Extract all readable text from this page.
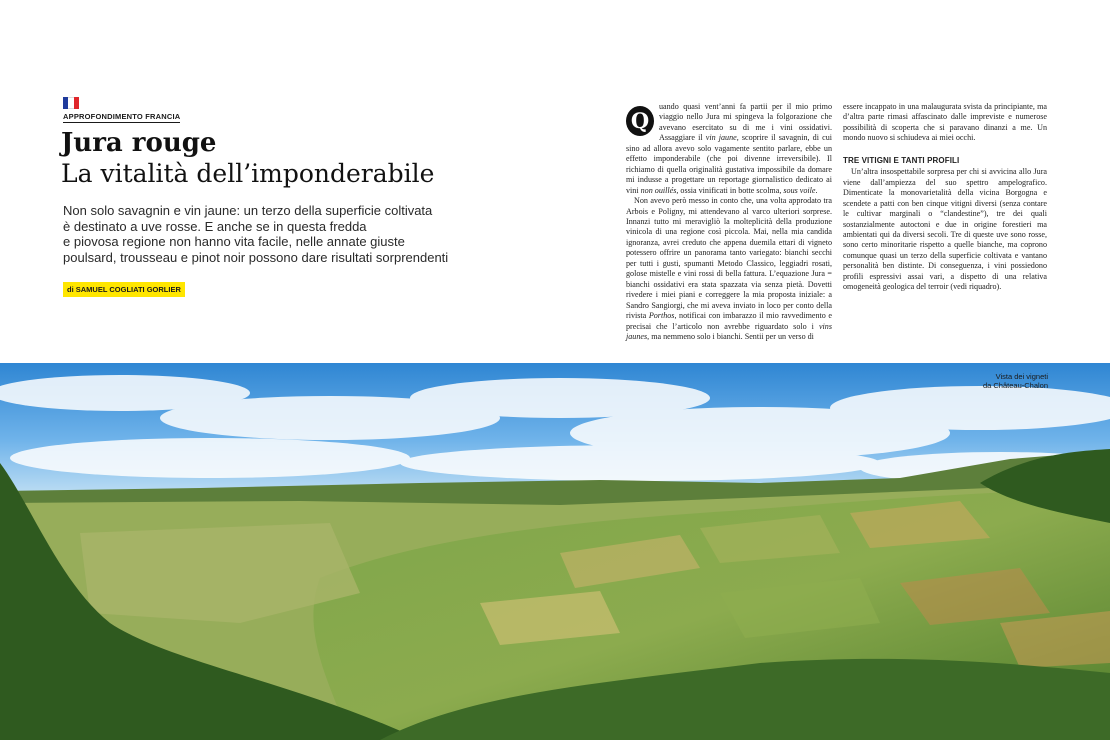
APPROFONDIMENTO FRANCIA
Jura rouge
La vitalità dell’imponderabile
Non solo savagnin e vin jaune: un terzo della superficie coltivata
è destinato a uve rosse. E anche se in questa fredda
e piovosa regione non hanno vita facile, nelle annate giuste
poulsard, trousseau e pinot noir possono dare risultati sorprendenti
di SAMUEL COGLIATI GORLIER

Q
uando quasi vent’anni fa partii per il mio primo viaggio nello Jura mi spingeva la folgorazione che avevano esercitato su di me i vini ossidativi. Assaggiare il vin jaune, scoprire il savagnin, di cui sino ad allora avevo solo vagamente sentito parlare, ebbe un effetto imponderabile (che poi divenne irreversibile). Il richiamo di quella originalità gustativa impossibile da domare mi indusse a progettare un reportage giornalistico dedicato ai vini non ouillés, ossia vinificati in botte scolma, sous voile.

Non avevo però messo in conto che, una volta approdato tra Arbois e Poligny, mi attendevano al varco ulteriori sorprese. Innanzi tutto mi meravigliò la molteplicità della produzione vinicola di una regione così piccola. Mai, nella mia candida ignoranza, avrei creduto che appena duemila ettari di vigneto potessero offrire un panorama tanto variegato: bianchi secchi per tutti i gusti, spumanti Metodo Classico, leggiadri rosati, golose mistelle e vini rossi di bella fattura. L’equazione Jura = bianchi ossidativi era stata spazzata via senza pietà. Dovetti rivedere i miei piani e correggere la mia proposta iniziale: a Sandro Sangiorgi, che mi aveva inviato in loco per conto della rivista Porthos, notificai con imbarazzo il mio ravvedimento e precisai che l’articolo non avrebbe riguardato solo i vins jaunes, ma nemmeno solo i bianchi. Sentii per un verso di

essere incappato in una malaugurata svista da principiante, ma d’altra parte rimasi affascinato dalle impreviste e numerose possibilità di scoperta che si paravano dinanzi a me. Un mondo nuovo si schiudeva ai miei occhi.

TRE VITIGNI E TANTI PROFILI

Un’altra insospettabile sorpresa per chi si avvicina allo Jura viene dall’ampiezza del suo spettro ampelografico. Dimenticate la monovarietalità della vicina Borgogna e scendete a patti con ben cinque vitigni diversi (senza contare le cultivar marginali o “clandestine”), tre dei quali sostanzialmente autoctoni e due in origine forestieri ma ambientati qui da diversi secoli. Tre di queste uve sono rosse, sono certo minoritarie rispetto a quelle bianche, ma coprono comunque quasi un terzo della superficie coltivata e vantano personalità ben distinte. Di conseguenza, i vini possiedono profili espressivi assai vari, a dispetto di una relativa omogeneità geologica del terroir (vedi riquadro).

Vista dei vigneti
da Château-Chalon
